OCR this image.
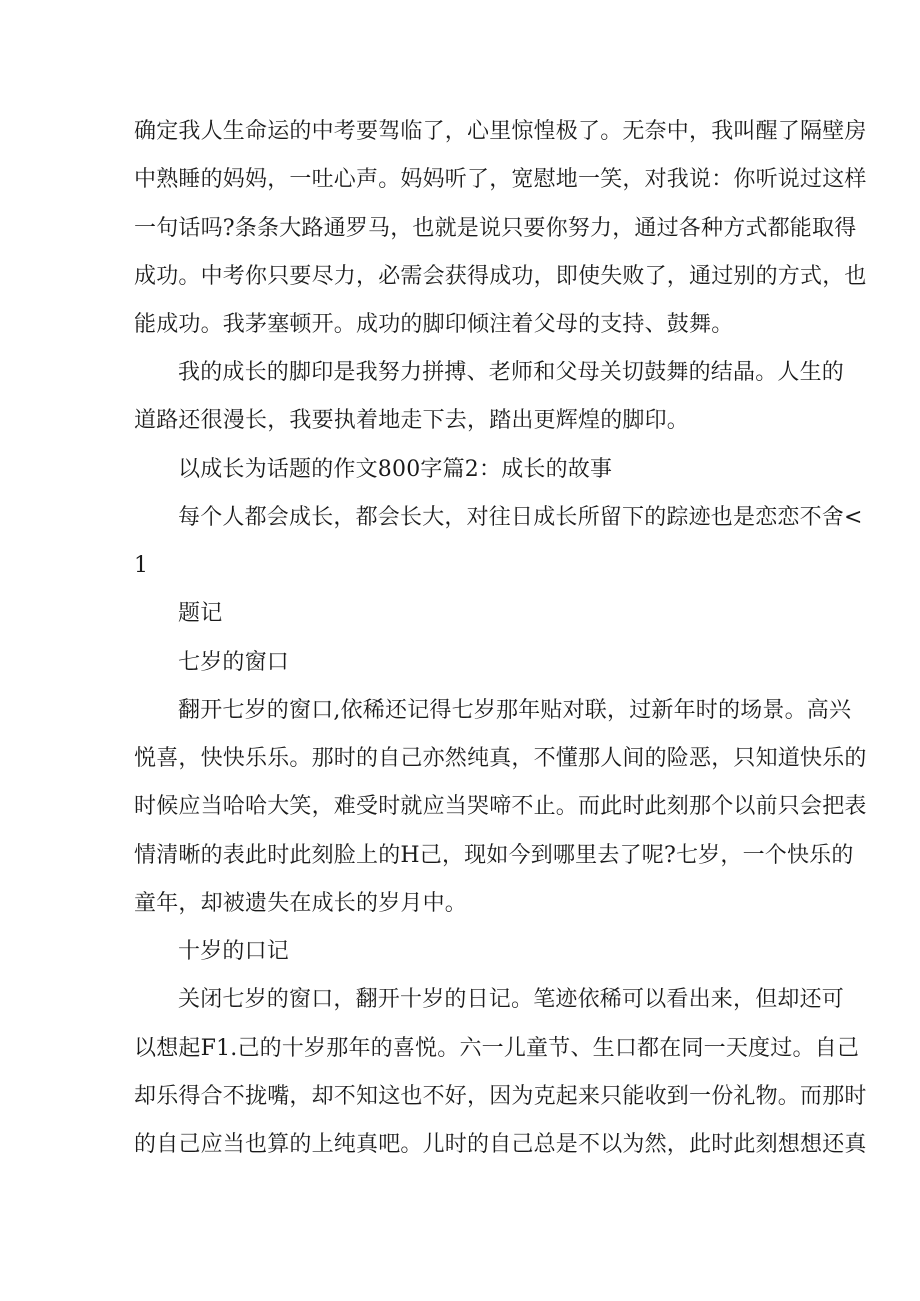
确定我人生命运的中考要驾临了，心里惊惶极了。无奈中，我叫醒了隔壁房
中熟睡的妈妈，一吐心声。妈妈听了，宽慰地一笑，对我说：你听说过这样
一句话吗?条条大路通罗马，也就是说只要你努力，通过各种方式都能取得
成功。中考你只要尽力，必需会获得成功，即使失败了，通过别的方式，也
能成功。我茅塞顿开。成功的脚印倾注着父母的支持、鼓舞。
我的成长的脚印是我努力拼搏、老师和父母关切鼓舞的结晶。人生的
道路还很漫长，我要执着地走下去，踏出更辉煌的脚印。
以成长为话题的作文800字篇2：成长的故事
每个人都会成长，都会长大，对往日成长所留下的踪迹也是恋恋不舍<
1
题记
七岁的窗口
翻开七岁的窗口,依稀还记得七岁那年贴对联，过新年时的场景。高兴
悦喜，快快乐乐。那时的自己亦然纯真，不懂那人间的险恶，只知道快乐的
时候应当哈哈大笑，难受时就应当哭啼不止。而此时此刻那个以前只会把表
情清晰的表此时此刻脸上的H己，现如今到哪里去了呢?七岁，一个快乐的
童年，却被遗失在成长的岁月中。
十岁的口记
关闭七岁的窗口，翻开十岁的日记。笔迹依稀可以看出来，但却还可
以想起F1.己的十岁那年的喜悦。六一儿童节、生口都在同一天度过。自己
却乐得合不拢嘴，却不知这也不好，因为克起来只能收到一份礼物。而那时
的自己应当也算的上纯真吧。儿时的自己总是不以为然，此时此刻想想还真
